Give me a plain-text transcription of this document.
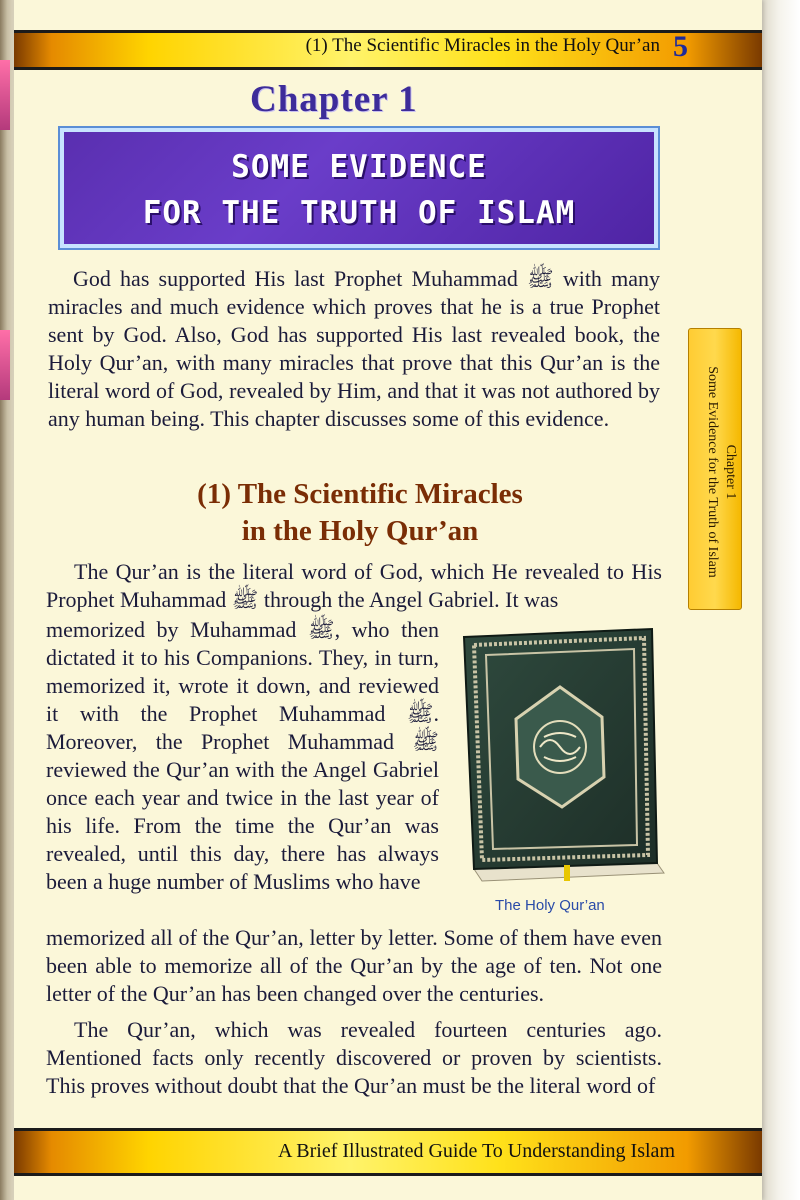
(1) The Scientific Miracles in the Holy Qur’an 5
Chapter 1
SOME EVIDENCE
FOR THE TRUTH OF ISLAM

God has supported His last Prophet Muhammad ﷺ with many miracles and much evidence which proves that he is a true Prophet sent by God. Also, God has supported His last revealed book, the Holy Qur’an, with many miracles that prove that this Qur’an is the literal word of God, revealed by Him, and that it was not authored by any human being. This chapter discusses some of this evidence.

(1) The Scientific Miracles
in the Holy Qur’an

The Qur’an is the literal word of God, which He revealed to His Prophet Muhammad ﷺ through the Angel Gabriel. It was

memorized by Muhammad ﷺ, who then dictated it to his Companions. They, in turn, memorized it, wrote it down, and reviewed it with the Prophet Muhammad ﷺ. Moreover, the Prophet Muhammad ﷺ reviewed the Qur’an with the Angel Gabriel once each year and twice in the last year of his life. From the time the Qur’an was revealed, until this day, there has always been a huge number of Muslims who have

memorized all of the Qur’an, letter by letter. Some of them have even been able to memorize all of the Qur’an by the age of ten. Not one letter of the Qur’an has been changed over the centuries.

The Qur’an, which was revealed fourteen centuries ago. Mentioned facts only recently discovered or proven by scientists. This proves without doubt that the Qur’an must be the literal word of

The Holy Qur’an
Chapter 1
Some Evidence for the Truth of Islam
A Brief Illustrated Guide To Understanding Islam
